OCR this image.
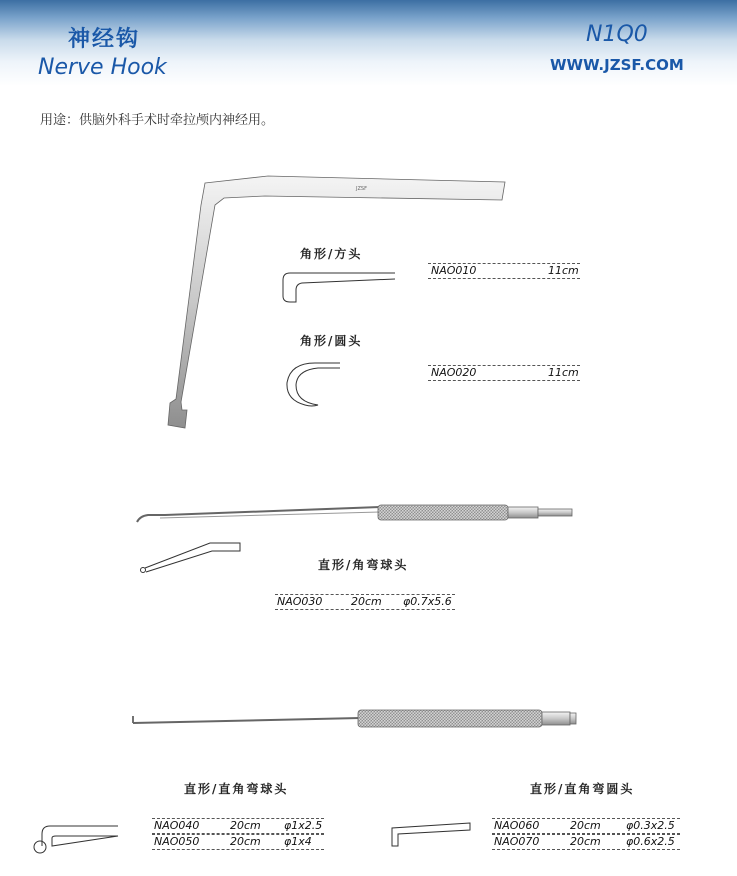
神经钩
Nerve Hook
N1Q0
WWW.JZSF.COM
用途：供脑外科手术时牵拉颅内神经用。
JZSF
角形/方头
角形/圆头
NAO010	11cm
NAO020	11cm
直形/角弯球头
NAO030	20cm φ0.7x5.6
直形/直角弯球头	直形/直角弯圆头
NAO040	20cm φ1x2.5
NAO050	20cm φ1x4
NAO060	20cm φ0.3x2.5
NAO070	20cm φ0.6x2.5
